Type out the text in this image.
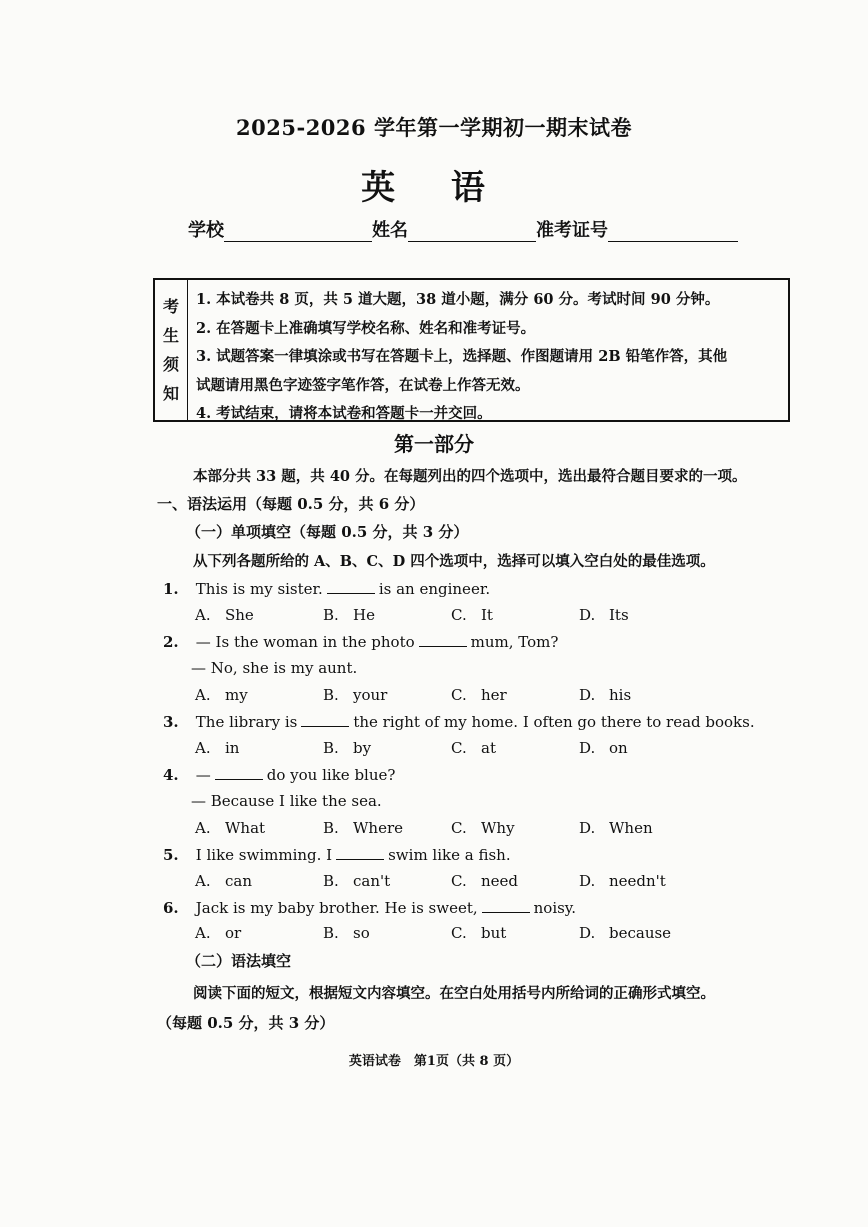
2025-2026 学年第一学期初一期末试卷
英 语
学校	姓名	准考证号
考
生
须
知
1. 本试卷共 8 页，共 5 道大题，38 道小题，满分 60 分。考试时间 90 分钟。
2. 在答题卡上准确填写学校名称、姓名和准考证号。
3. 试题答案一律填涂或书写在答题卡上，选择题、作图题请用 2B 铅笔作答，其他
试题请用黑色字迹签字笔作答，在试卷上作答无效。
4. 考试结束，请将本试卷和答题卡一并交回。
第一部分
本部分共 33 题，共 40 分。在每题列出的四个选项中，选出最符合题目要求的一项。
一、语法运用（每题 0.5 分，共 6 分）
（一）单项填空（每题 0.5 分，共 3 分）
从下列各题所给的 A、B、C、D 四个选项中，选择可以填入空白处的最佳选项。
1. This is my sister.	is an engineer.
A. She	B. He	C. It	D. Its
2. — Is the woman in the photo	mum, Tom?
— No, she is my aunt.
A. my	B. your	C. her	D. his
3. The library is	the right of my home. I often go there to read books.
A. in	B. by	C. at	D. on
4. —	do you like blue?
— Because I like the sea.
A. What	B. Where	C. Why	D. When
5. I like swimming. I	swim like a fish.
A. can	B. can't	C. need	D. needn't
6. Jack is my baby brother. He is sweet,	noisy.
A. or	B. so	C. but	D. because
（二）语法填空
阅读下面的短文，根据短文内容填空。在空白处用括号内所给词的正确形式填空。
（每题 0.5 分，共 3 分）
英语试卷　第1页（共 8 页）
